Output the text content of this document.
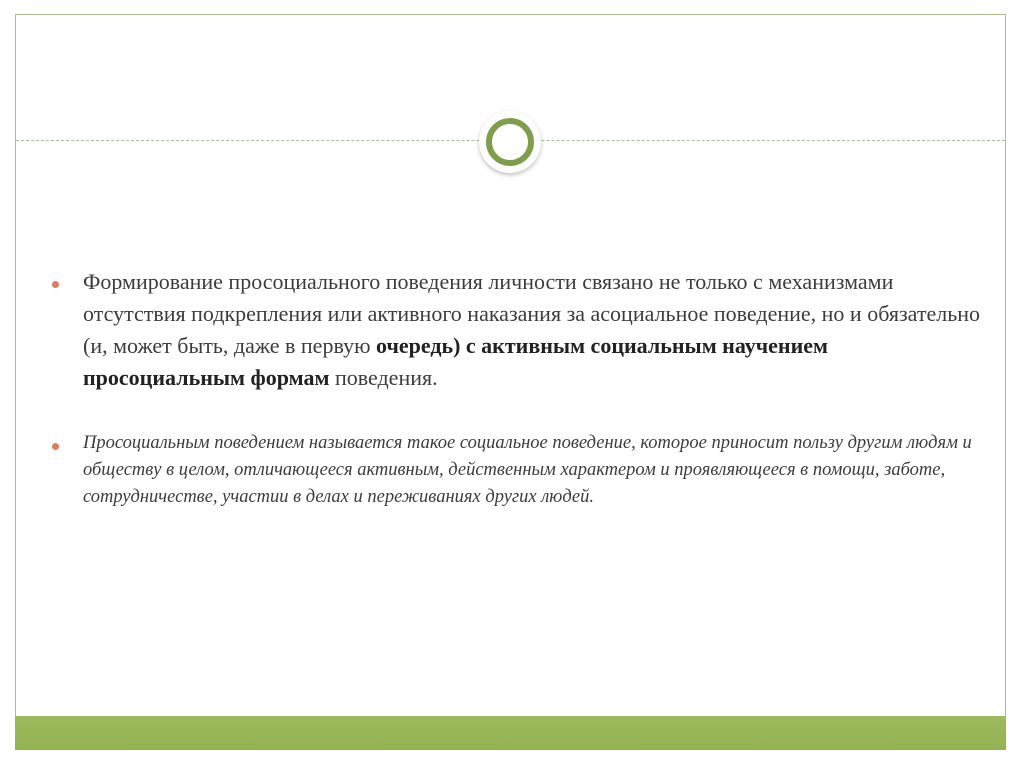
Формирование просоциального поведения личности связано не только с механизмами отсутствия подкрепления или активного наказания за асоциальное поведение, но и обязательно (и, может быть, даже в первую очередь) с активным социальным научением просоциальным формам поведения.
Просоциальным поведением называется такое социальное поведение, которое приносит пользу другим людям и обществу в целом, отличающееся активным, действенным характером и проявляющееся в помощи, заботе, сотрудничестве, участии в делах и переживаниях других людей.
